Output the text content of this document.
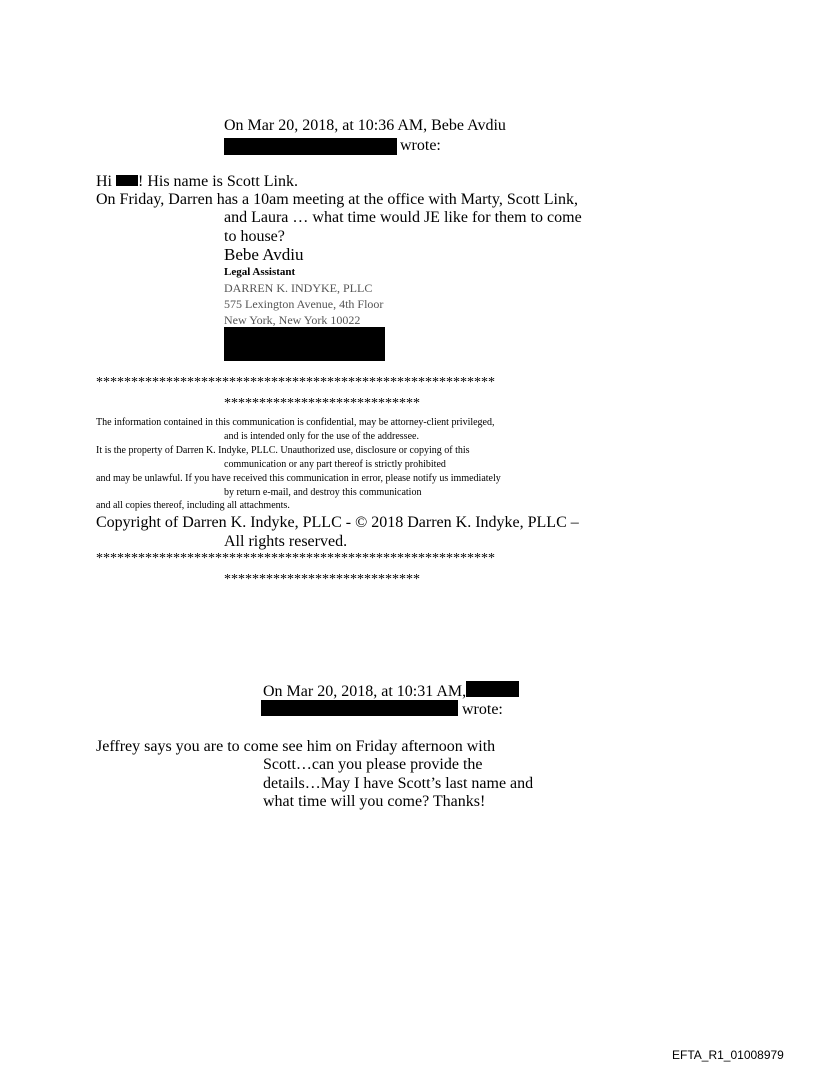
On Mar 20, 2018, at 10:36 AM, Bebe Avdiu
wrote:
Hi ! His name is Scott Link.
On Friday, Darren has a 10am meeting at the office with Marty, Scott Link,
and Laura … what time would JE like for them to come
to house?
Bebe Avdiu
Legal Assistant
DARREN K. INDYKE, PLLC
575 Lexington Avenue, 4th Floor
New York, New York 10022
*********************************************************
****************************
The information contained in this communication is confidential, may be attorney-client privileged,
and is intended only for the use of the addressee.
It is the property of Darren K. Indyke, PLLC. Unauthorized use, disclosure or copying of this
communication or any part thereof is strictly prohibited
and may be unlawful. If you have received this communication in error, please notify us immediately
by return e-mail, and destroy this communication
and all copies thereof, including all attachments.
Copyright of Darren K. Indyke, PLLC - © 2018 Darren K. Indyke, PLLC –
All rights reserved.
*********************************************************
****************************
On Mar 20, 2018, at 10:31 AM,
wrote:
Jeffrey says you are to come see him on Friday afternoon with
Scott…can you please provide the
details…May I have Scott’s last name and
what time will you come? Thanks!
EFTA_R1_01008979
